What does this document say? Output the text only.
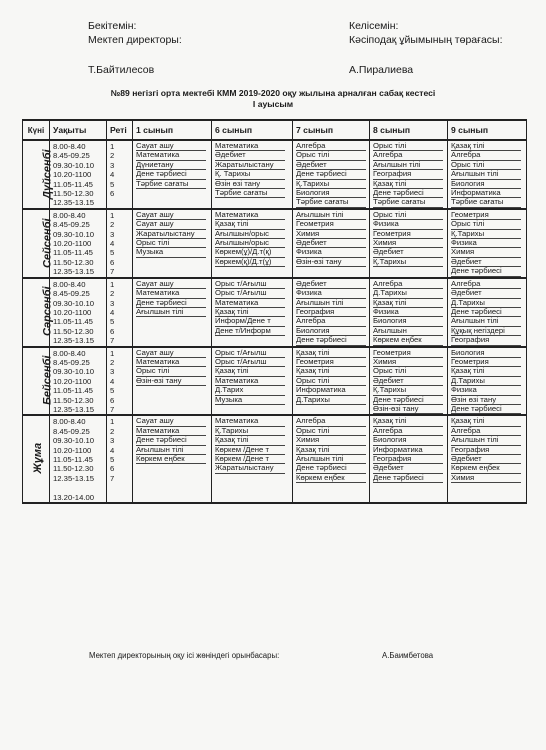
Бекітемін:
Мектеп директоры:
Т.Байтилесов
Келісемін:
Кәсіподақ ұйымының төрағасы:
А.Пиралиева
№89 негізгі орта мектебі КММ 2019-2020 оқу жылына арналған сабақ кестесі
I ауысым
Күні	Уақыты	Реті	1 сынып	6 сынып	7 сынып	8 сынып	9 сынып
Дүйсенбі	8.00-8.40	1	Сауат ашу	Математика	Алгебра	Орыс тілі	Қазақ тілі
	8.45-09.25	2	Математика	Әдебиет	Орыс тілі	Алгебра	Алгебра
	09.30-10.10	3	Дүниетану	Жаратылыстану	Әдебиет	Ағылшын тілі	Орыс тілі
	10.20-1100	4	Дене тәрбиесі	Қ. Тарихы	Дене тәрбиесі	География	Ағылшын тілі
	11.05-11.45	5	Тәрбие сағаты	Өзін өзі тану	Қ.Тарихы	Қазақ тілі	Биология
	11.50-12.30	6		Тәрбие сағаты	Биология	Дене тәрбиесі	Информатика
	12.35-13.15				Тәрбие сағаты	Тәрбие сағаты	Тәрбие сағаты
Сейсенбі	8.00-8.40	1	Сауат ашу	Математика	Ағылшын тілі	Орыс тілі	Геометрия
	8.45-09.25	2	Сауат ашу	Қазақ тілі	Геометрия	Физика	Орыс тілі
	09.30-10.10	3	Жаратылыстану	Ағылшын/орыс	Химия	Геометрия	Қ.Тарихы
	10.20-1100	4	Орыс тілі	Ағылшын/орыс	Әдебиет	Химия	Физика
	11.05-11.45	5	Музыка	Көркем(ұ)/Д.т(қ)	Физика	Әдебиет	Химия
	11.50-12.30	6		Көркем(қ)/Д.т(ұ)	Өзін-өзі тану	Қ.Тарихы	Әдебиет
	12.35-13.15	7					Дене тәрбиесі
Сәрсенбі	8.00-8.40	1	Сауат ашу	Орыс т/Ағылш	Әдебиет	Алгебра	Алгебра
	8.45-09.25	2	Математика	Орыс т/Ағылш	Физика	Д.Тарихы	Әдебиет
	09.30-10.10	3	Дене тәрбиесі	Математика	Ағылшын тілі	Қазақ тілі	Д.Тарихы
	10.20-1100	4	Ағылшын тілі	Қазақ тілі	География	Физика	Дене тәрбиесі
	11.05-11.45	5		Информ/Дене т	Алгебра	Биология	Ағылшын тілі
	11.50-12.30	6		Дене т/Информ	Биология	Ағылшын	Құқық негіздері
	12.35-13.15	7			Дене тәрбиесі	Көркем еңбек	География
Бейсенбі	8.00-8.40	1	Сауат ашу	Орыс т/Ағылш	Қазақ тілі	Геометрия	Биология
	8.45-09.25	2	Математика	Орыс т/Ағылш	Геометрия	Химия	Геометрия
	09.30-10.10	3	Орыс тілі	Қазақ тілі	Қазақ тілі	Орыс тілі	Қазақ тілі
	10.20-1100	4	Өзін-өзі тану	Математика	Орыс тілі	Әдебиет	Д.Тарихы
	11.05-11.45	5		Д.Тарих	Информатика	Қ.Тарихы	Физика
	11.50-12.30	6		Музыка	Д.Тарихы	Дене тәрбиесі	Өзін өзі тану
	12.35-13.15	7				Өзін-өзі тану	Дене тәрбиесі
Жұма	8.00-8.40	1	Сауат ашу	Математика	Алгебра	Қазақ тілі	Қазақ тілі
	8.45-09.25	2	Математика	Қ.Тарихы	Орыс тілі	Алгебра	Алгебра
	09.30-10.10	3	Дене тәрбиесі	Қазақ тілі	Химия	Биология	Ағылшын тілі
	10.20-1100	4	Ағылшын тілі	Көркем /Дене т	Қазақ тілі	Информатика	География
	11.05-11.45	5	Көркем еңбек	Көркем /Дене т	Ағылшын тілі	География	Әдебиет
	11.50-12.30	6		Жаратылыстану	Дене тәрбиесі	Әдебиет	Көркем еңбек
	12.35-13.15	7			Көркем еңбек	Дене тәрбиесі	Химия

	13.20-14.00						
Мектеп директорының оқу ісі жөніндегі орынбасары:	А.Баимбетова
